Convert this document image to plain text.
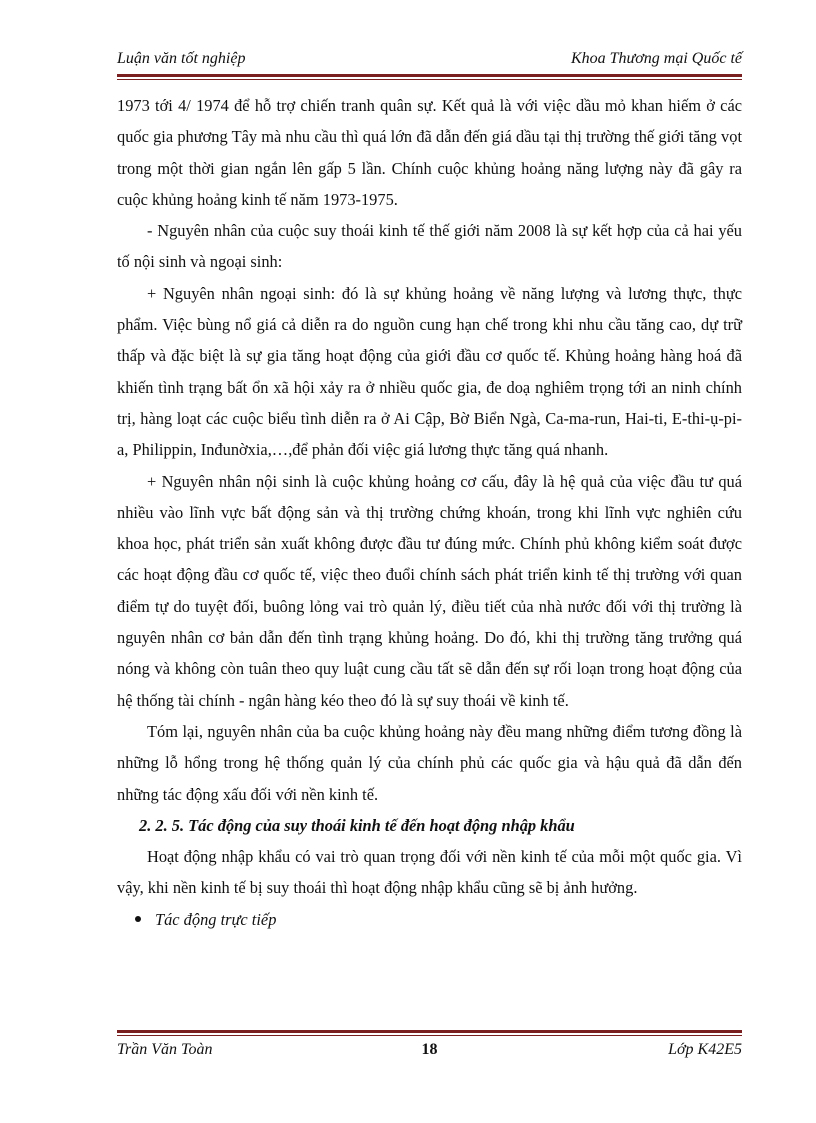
Luận văn tốt nghiệp	Khoa Thương mại Quốc tế

1973 tới 4/ 1974 để hỗ trợ chiến tranh quân sự. Kết quả là với việc dầu mỏ khan hiếm ở các quốc gia phương Tây mà nhu cầu thì quá lớn đã dẫn đến giá dầu tại thị trường thế giới tăng vọt trong một thời gian ngắn lên gấp 5 lần. Chính cuộc khủng hoảng năng lượng này đã gây ra cuộc khủng hoảng kinh tế năm 1973-1975.

- Nguyên nhân của cuộc suy thoái kinh tế thế giới năm 2008 là sự kết hợp của cả hai yếu tố nội sinh và ngoại sinh:

+ Nguyên nhân ngoại sinh: đó là sự khủng hoảng về năng lượng và lương thực, thực phẩm. Việc bùng nổ giá cả diễn ra do nguồn cung hạn chế trong khi nhu cầu tăng cao, dự trữ thấp và đặc biệt là sự gia tăng hoạt động của giới đầu cơ quốc tế. Khủng hoảng hàng hoá đã khiến tình trạng bất ổn xã hội xảy ra ở nhiều quốc gia, đe doạ nghiêm trọng tới an ninh chính trị, hàng loạt các cuộc biểu tình diễn ra ở Ai Cập, Bờ Biển Ngà, Ca-ma-run, Hai-ti, E-thi-ụ-pi-a, Philippin, Inđunờxia,…,để phản đối việc giá lương thực tăng quá nhanh.

+ Nguyên nhân nội sinh là cuộc khủng hoảng cơ cấu, đây là hệ quả của việc đầu tư quá nhiều vào lĩnh vực bất động sản và thị trường chứng khoán, trong khi lĩnh vực nghiên cứu khoa học, phát triển sản xuất không được đầu tư đúng mức. Chính phủ không kiểm soát được các hoạt động đầu cơ quốc tế, việc theo đuổi chính sách phát triển kinh tế thị trường với quan điểm tự do tuyệt đối, buông lỏng vai trò quản lý, điều tiết của nhà nước đối với thị trường là nguyên nhân cơ bản dẫn đến tình trạng khủng hoảng. Do đó, khi thị trường tăng trưởng quá nóng và không còn tuân theo quy luật cung cầu tất sẽ dẫn đến sự rối loạn trong hoạt động của hệ thống tài chính - ngân hàng kéo theo đó là sự suy thoái về kinh tế.

Tóm lại, nguyên nhân của ba cuộc khủng hoảng này đều mang những điểm tương đồng là những lỗ hổng trong hệ thống quản lý của chính phủ các quốc gia và hậu quả đã dẫn đến những tác động xấu đối với nền kinh tế.

2. 2. 5. Tác động của suy thoái kinh tế đến hoạt động nhập khẩu

Hoạt động nhập khẩu có vai trò quan trọng đối với nền kinh tế của mỗi một quốc gia. Vì vậy, khi nền kinh tế bị suy thoái thì hoạt động nhập khẩu cũng sẽ bị ảnh hưởng.

Tác động trực tiếp

Trần Văn Toàn	18	Lớp K42E5
